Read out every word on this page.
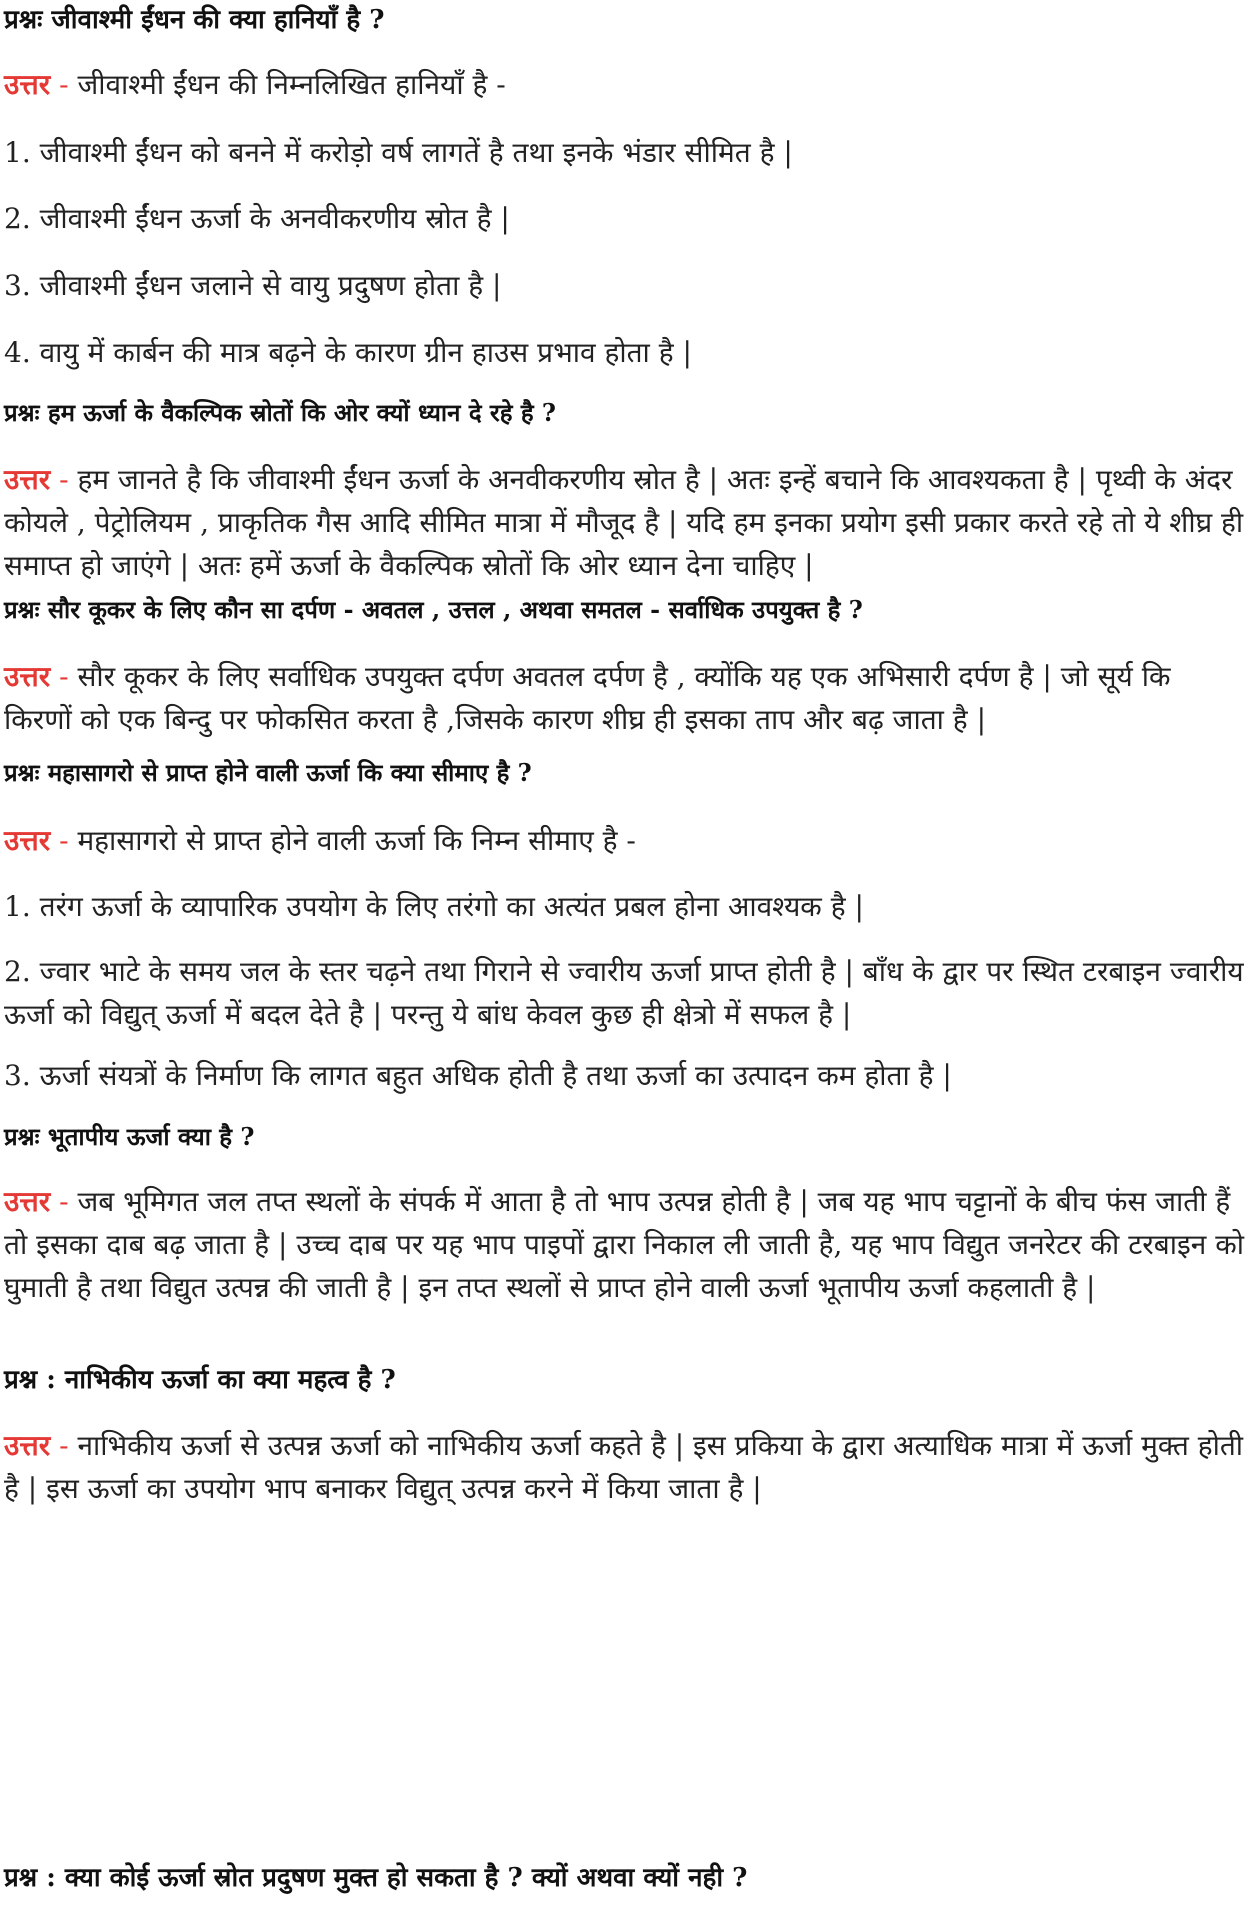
प्रश्नः जीवाश्मी ईंधन की क्या हानियाँ है ?
उत्तर - जीवाश्मी ईंधन की निम्नलिखित हानियाँ है -
1. जीवाश्मी ईंधन को बनने में करोड़ो वर्ष लागतें है तथा इनके भंडार सीमित है |
2. जीवाश्मी ईंधन ऊर्जा के अनवीकरणीय स्रोत है |
3. जीवाश्मी ईंधन जलाने से वायु प्रदुषण होता है |
4. वायु में कार्बन की मात्र बढ़ने के कारण ग्रीन हाउस प्रभाव होता है |
प्रश्नः हम ऊर्जा के वैकल्पिक स्रोतों कि ओर क्यों ध्यान दे रहे है ?
उत्तर - हम जानते है कि जीवाश्मी ईंधन ऊर्जा के अनवीकरणीय स्रोत है | अतः इन्हें बचाने कि आवश्यकता है | पृथ्वी के अंदर कोयले , पेट्रोलियम , प्राकृतिक गैस आदि सीमित मात्रा में मौजूद है | यदि हम इनका प्रयोग इसी प्रकार करते रहे तो ये शीघ्र ही समाप्त हो जाएंगे | अतः हमें ऊर्जा के वैकल्पिक स्रोतों कि ओर ध्यान देना चाहिए |
प्रश्नः सौर कूकर के लिए कौन सा दर्पण - अवतल , उत्तल , अथवा समतल - सर्वाधिक उपयुक्त है ?
उत्तर - सौर कूकर के लिए सर्वाधिक उपयुक्त दर्पण अवतल दर्पण है , क्योंकि यह एक अभिसारी दर्पण है | जो सूर्य कि किरणों को एक बिन्दु पर फोकसित करता है ,जिसके कारण शीघ्र ही इसका ताप और बढ़ जाता है |
प्रश्नः महासागरो से प्राप्त होने वाली ऊर्जा कि क्या सीमाए है ?
उत्तर - महासागरो से प्राप्त होने वाली ऊर्जा कि निम्न सीमाए है -
1. तरंग ऊर्जा के व्यापारिक उपयोग के लिए तरंगो का अत्यंत प्रबल होना आवश्यक है |
2. ज्वार भाटे के समय जल के स्तर चढ़ने तथा गिराने से ज्वारीय ऊर्जा प्राप्त होती है | बाँध के द्वार पर स्थित टरबाइन ज्वारीय ऊर्जा को विद्युत् ऊर्जा में बदल देते है | परन्तु ये बांध केवल कुछ ही क्षेत्रो में सफल है |
3. ऊर्जा संयत्रों के निर्माण कि लागत बहुत अधिक होती है तथा ऊर्जा का उत्पादन कम होता है |
प्रश्नः भूतापीय ऊर्जा क्या है ?
उत्तर - जब भूमिगत जल तप्त स्थलों के संपर्क में आता है तो भाप उत्पन्न होती है | जब यह भाप चट्टानों के बीच फंस जाती हैं तो इसका दाब बढ़ जाता है | उच्च दाब पर यह भाप पाइपों द्वारा निकाल ली जाती है, यह भाप विद्युत जनरेटर की टरबाइन को घुमाती है तथा विद्युत उत्पन्न की जाती है | इन तप्त स्थलों से प्राप्त होने वाली ऊर्जा भूतापीय ऊर्जा कहलाती है |
प्रश्न : नाभिकीय ऊर्जा का क्या महत्व है ?
उत्तर - नाभिकीय ऊर्जा से उत्पन्न ऊर्जा को नाभिकीय ऊर्जा कहते है | इस प्रकिया के द्वारा अत्याधिक मात्रा में ऊर्जा मुक्त होती है | इस ऊर्जा का उपयोग भाप बनाकर विद्युत् उत्पन्न करने में किया जाता है |
प्रश्न : क्या कोई ऊर्जा स्रोत प्रदुषण मुक्त हो सकता है ? क्यों अथवा क्यों नही ?
